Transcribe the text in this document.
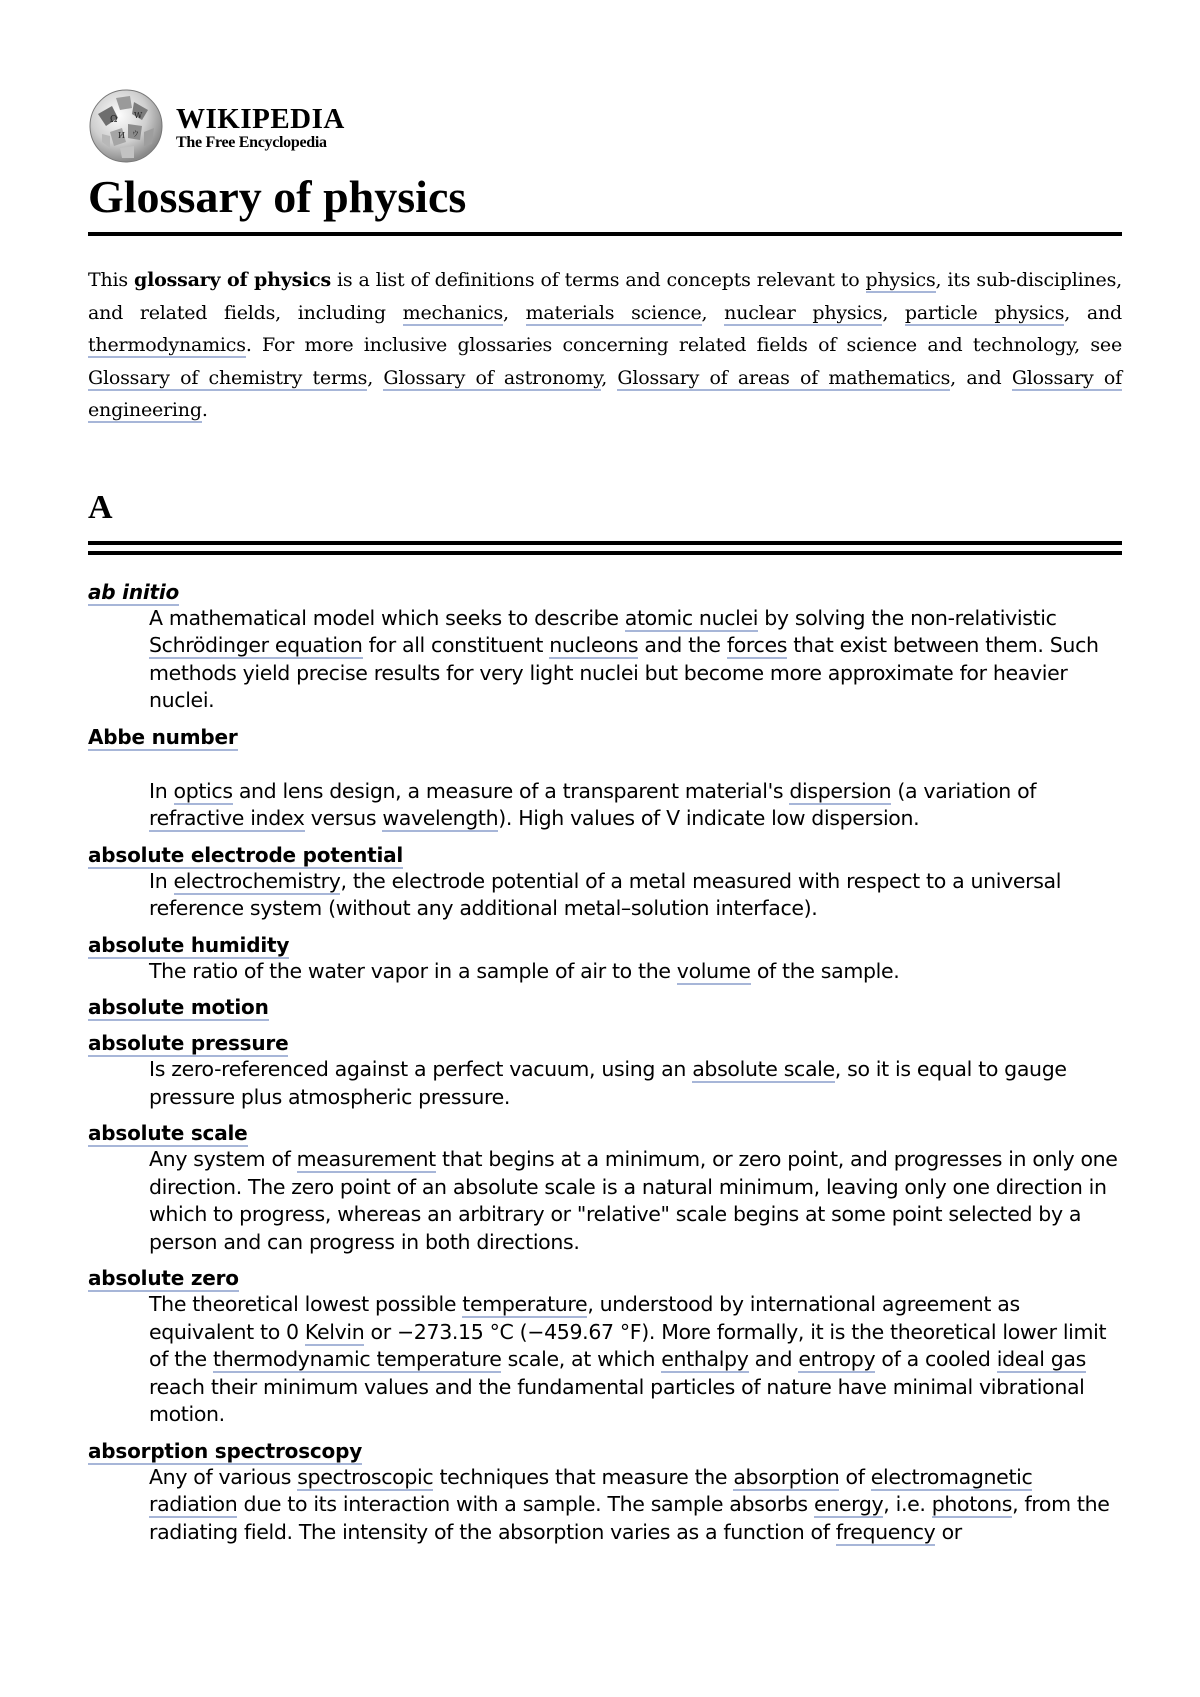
Ω W
И ウ WIKIPEDIA
The Free Encyclopedia
Glossary of physics

This glossary of physics is a list of definitions of terms and concepts relevant to physics, its sub-disciplines, and related fields, including mechanics, materials science, nuclear physics, particle physics, and thermodynamics. For more inclusive glossaries concerning related fields of science and technology, see Glossary of chemistry terms, Glossary of astronomy, Glossary of areas of mathematics, and Glossary of engineering.

A
ab initio
A mathematical model which seeks to describe atomic nuclei by solving the non-relativistic Schrödinger equation for all constituent nucleons and the forces that exist between them. Such methods yield precise results for very light nuclei but become more approximate for heavier nuclei.
Abbe number
In optics and lens design, a measure of a transparent material's dispersion (a variation of refractive index versus wavelength). High values of V indicate low dispersion.
absolute electrode potential
In electrochemistry, the electrode potential of a metal measured with respect to a universal reference system (without any additional metal–solution interface).
absolute humidity
The ratio of the water vapor in a sample of air to the volume of the sample.
absolute motion
absolute pressure
Is zero-referenced against a perfect vacuum, using an absolute scale, so it is equal to gauge pressure plus atmospheric pressure.
absolute scale
Any system of measurement that begins at a minimum, or zero point, and progresses in only one direction. The zero point of an absolute scale is a natural minimum, leaving only one direction in which to progress, whereas an arbitrary or "relative" scale begins at some point selected by a person and can progress in both directions.
absolute zero
The theoretical lowest possible temperature, understood by international agreement as equivalent to 0 Kelvin or −273.15 °C (−459.67 °F). More formally, it is the theoretical lower limit of the thermodynamic temperature scale, at which enthalpy and entropy of a cooled ideal gas reach their minimum values and the fundamental particles of nature have minimal vibrational motion.
absorption spectroscopy
Any of various spectroscopic techniques that measure the absorption of electromagnetic radiation due to its interaction with a sample. The sample absorbs energy, i.e. photons, from the radiating field. The intensity of the absorption varies as a function of frequency or
